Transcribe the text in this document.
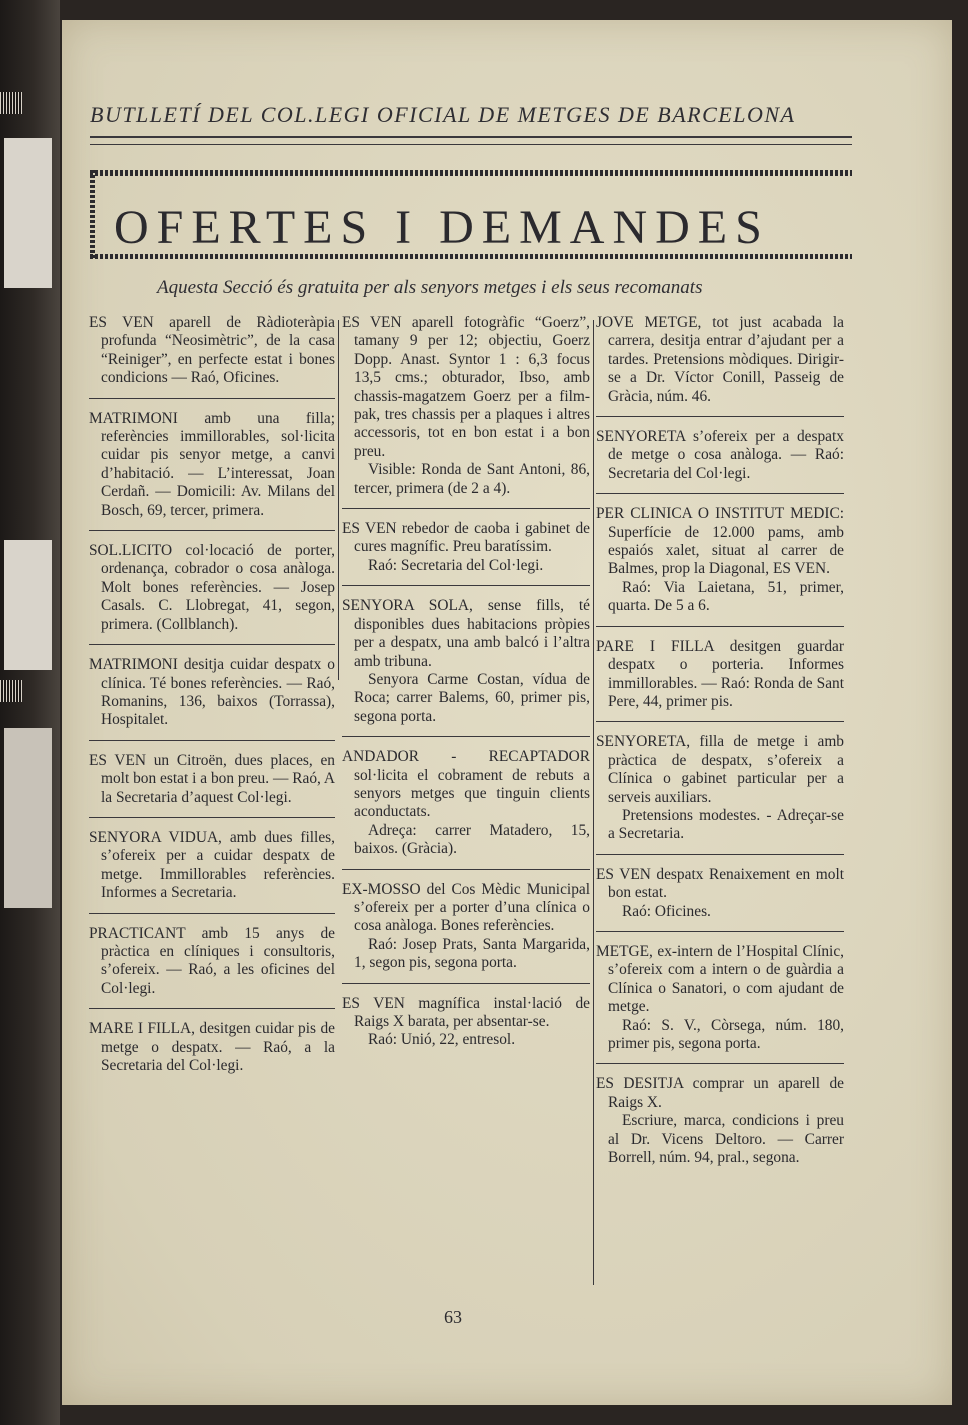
BUTLLETÍ DEL COL.LEGI OFICIAL DE METGES DE BARCELONA
OFERTES I DEMANDES
Aquesta Secció és gratuita per als senyors metges i els seus recomanats

ES VEN aparell de Ràdioteràpia profunda “Neosimètric”, de la casa “Reiniger”, en perfecte estat i bones condicions — Raó, Oficines.

MATRIMONI amb una filla; referències immillorables, sol·licita cuidar pis senyor metge, a canvi d’habitació. — L’interessat, Joan Cerdañ. — Domicili: Av. Milans del Bosch, 69, tercer, primera.

SOL.LICITO col·locació de porter, ordenança, cobrador o cosa anàloga. Molt bones referències. — Josep Casals. C. Llobregat, 41, segon, primera. (Collblanch).

MATRIMONI desitja cuidar despatx o clínica. Té bones referències. — Raó, Romanins, 136, baixos (Torrassa), Hospitalet.

ES VEN un Citroën, dues places, en molt bon estat i a bon preu. — Raó, A la Secretaria d’aquest Col·legi.

SENYORA VIDUA, amb dues filles, s’ofereix per a cuidar despatx de metge. Immillorables referències. Informes a Secretaria.

PRACTICANT amb 15 anys de pràctica en clíniques i consultoris, s’ofereix. — Raó, a les oficines del Col·legi.

MARE I FILLA, desitgen cuidar pis de metge o despatx. — Raó, a la Secretaria del Col·legi.

ES VEN aparell fotogràfic “Goerz”, tamany 9 per 12; objectiu, Goerz Dopp. Anast. Syntor 1 : 6,3 focus 13,5 cms.; obturador, Ibso, amb chassis-magatzem Goerz per a film-pak, tres chassis per a plaques i altres accessoris, tot en bon estat i a bon preu.

Visible: Ronda de Sant Antoni, 86, tercer, primera (de 2 a 4).

ES VEN rebedor de caoba i gabinet de cures magnífic. Preu baratíssim.

Raó: Secretaria del Col·legi.

SENYORA SOLA, sense fills, té disponibles dues habitacions pròpies per a despatx, una amb balcó i l’altra amb tribuna.

Senyora Carme Costan, vídua de Roca; carrer Balems, 60, primer pis, segona porta.

ANDADOR - RECAPTADOR sol·licita el cobrament de rebuts a senyors metges que tinguin clients aconductats.

Adreça: carrer Matadero, 15, baixos. (Gràcia).

EX-MOSSO del Cos Mèdic Municipal s’ofereix per a porter d’una clínica o cosa anàloga. Bones referències.

Raó: Josep Prats, Santa Margarida, 1, segon pis, segona porta.

ES VEN magnífica instal·lació de Raigs X barata, per absentar-se.

Raó: Unió, 22, entresol.

JOVE METGE, tot just acabada la carrera, desitja entrar d’ajudant per a tardes. Pretensions mòdiques. Dirigir-se a Dr. Víctor Conill, Passeig de Gràcia, núm. 46.

SENYORETA s’ofereix per a despatx de metge o cosa anàloga. — Raó: Secretaria del Col·legi.

PER CLINICA O INSTITUT MEDIC: Superfície de 12.000 pams, amb espaiós xalet, situat al carrer de Balmes, prop la Diagonal, ES VEN.

Raó: Via Laietana, 51, primer, quarta. De 5 a 6.

PARE I FILLA desitgen guardar despatx o porteria. Informes immillorables. — Raó: Ronda de Sant Pere, 44, primer pis.

SENYORETA, filla de metge i amb pràctica de despatx, s’ofereix a Clínica o gabinet particular per a serveis auxiliars.

Pretensions modestes. - Adreçar-se a Secretaria.

ES VEN despatx Renaixement en molt bon estat.

Raó: Oficines.

METGE, ex-intern de l’Hospital Clínic, s’ofereix com a intern o de guàrdia a Clínica o Sanatori, o com ajudant de metge.

Raó: S. V., Còrsega, núm. 180, primer pis, segona porta.

ES DESITJA comprar un aparell de Raigs X.

Escriure, marca, condicions i preu al Dr. Vicens Deltoro. — Carrer Borrell, núm. 94, pral., segona.

63
